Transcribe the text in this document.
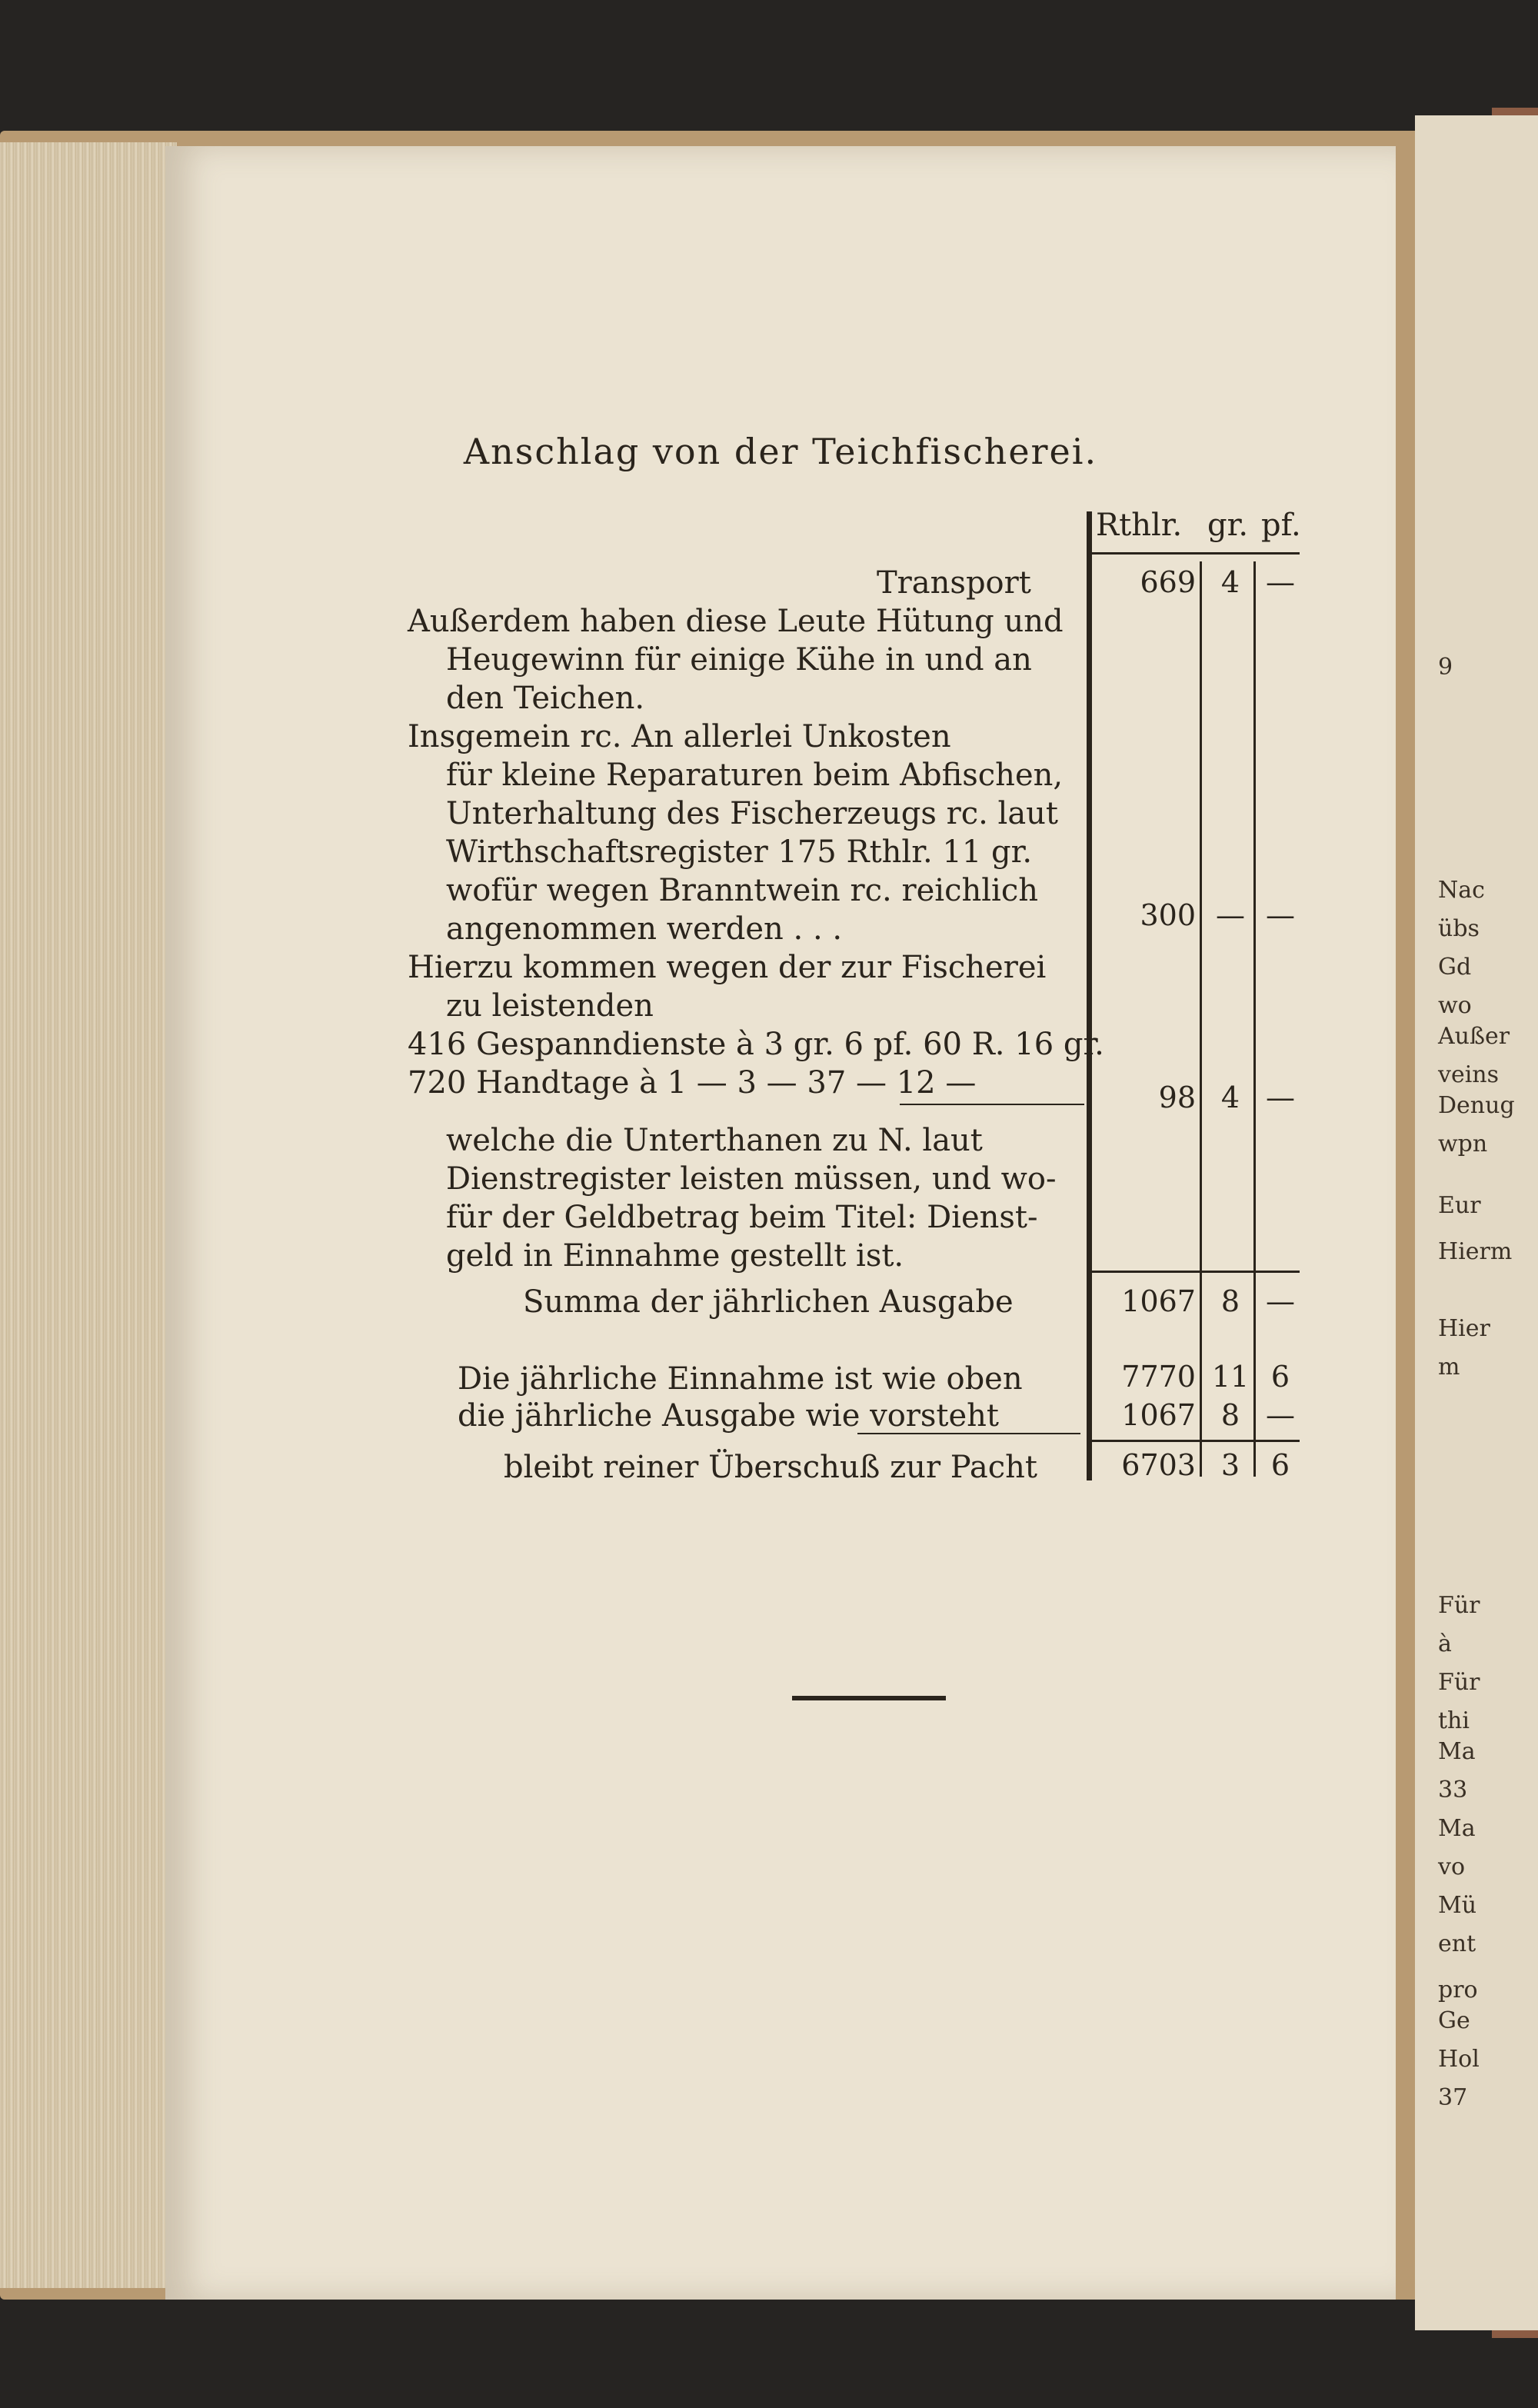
9
Nac
übs
Gd
wo
Außer
veins
Denug
wpn
Eur
Hierm
Hier
m
Für
à
Für
thi
Ma
33
Ma
vo
Mü
ent
pro
Ge
Hol
37
Anschlag von der Teichfischerei.
Rthlr. gr. pf.
Transport	669 4 —
Außerdem haben diese Leute Hütung und
Heugewinn für einige Kühe in und an
den Teichen.
Insgemein rc. An allerlei Unkosten
für kleine Reparaturen beim Abfischen,
Unterhaltung des Fischerzeugs rc. laut
Wirthschaftsregister 175 Rthlr. 11 gr.
wofür wegen Branntwein rc. reichlich
angenommen werden . . .	300 — —
Hierzu kommen wegen der zur Fischerei
zu leistenden
416 Gespanndienste à 3 gr. 6 pf. 60 R. 16 gr.
720 Handtage à 1 — 3 — 37 — 12 —	98 4 —
welche die Unterthanen zu N. laut
Dienstregister leisten müssen, und wo-
für der Geldbetrag beim Titel: Dienst-
geld in Einnahme gestellt ist.
Summa der jährlichen Ausgabe	1067 8 —
Die jährliche Einnahme ist wie oben	7770 11 6
die jährliche Ausgabe wie vorsteht	1067 8 —
bleibt reiner Überschuß zur Pacht	6703 3	6
